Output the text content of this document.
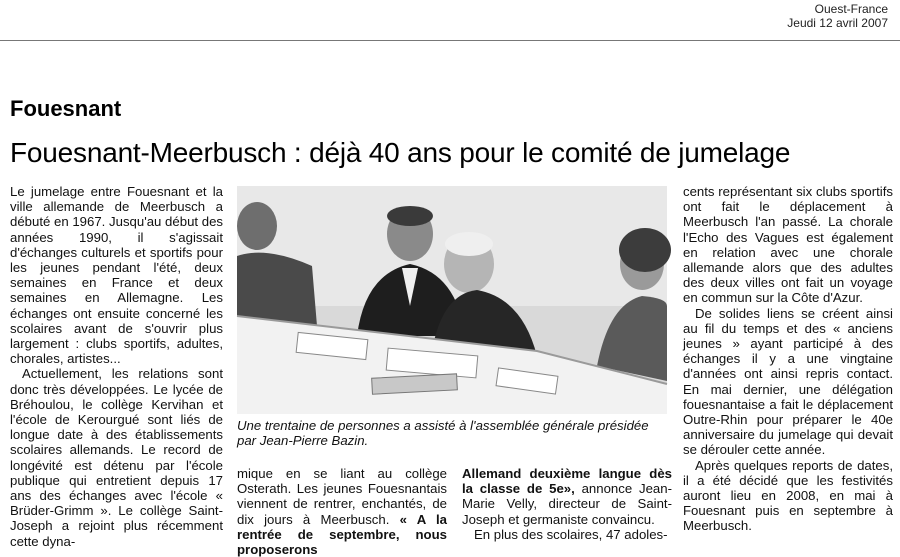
Ouest-France
Jeudi 12 avril 2007
Fouesnant
Fouesnant-Meerbusch : déjà 40 ans pour le comité de jumelage

Le jumelage entre Fouesnant et la ville allemande de Meerbusch a débuté en 1967. Jusqu'au début des années 1990, il s'agissait d'échanges culturels et sportifs pour les jeunes pendant l'été, deux semaines en France et deux semaines en Allemagne. Les échanges ont ensuite concerné les scolaires avant de s'ouvrir plus largement : clubs sportifs, adultes, chorales, artistes...

Actuellement, les relations sont donc très développées. Le lycée de Bréhoulou, le collège Kervihan et l'école de Kerourgué sont liés de longue date à des établissements scolaires allemands. Le record de longévité est détenu par l'école publique qui entretient depuis 17 ans des échanges avec l'école « Brüder-Grimm ». Le collège Saint-Joseph a rejoint plus récemment cette dyna-

Une trentaine de personnes a assisté à l'assemblée générale présidée par Jean-Pierre Bazin.

mique en se liant au collège Osterath. Les jeunes Fouesnantais viennent de rentrer, enchantés, de dix jours à Meerbusch. « A la rentrée de septembre, nous proposerons

Allemand deuxième langue dès la classe de 5e», annonce Jean-Marie Velly, directeur de Saint-Joseph et germaniste convaincu.

En plus des scolaires, 47 adoles-

cents représentant six clubs sportifs ont fait le déplacement à Meerbusch l'an passé. La chorale l'Echo des Vagues est également en relation avec une chorale allemande alors que des adultes des deux villes ont fait un voyage en commun sur la Côte d'Azur.

De solides liens se créent ainsi au fil du temps et des « anciens jeunes » ayant participé à des échanges il y a une vingtaine d'années ont ainsi repris contact. En mai dernier, une délégation fouesnantaise a fait le déplacement Outre-Rhin pour préparer le 40e anniversaire du jumelage qui devait se dérouler cette année.

Après quelques reports de dates, il a été décidé que les festivités auront lieu en 2008, en mai à Fouesnant puis en septembre à Meerbusch.
